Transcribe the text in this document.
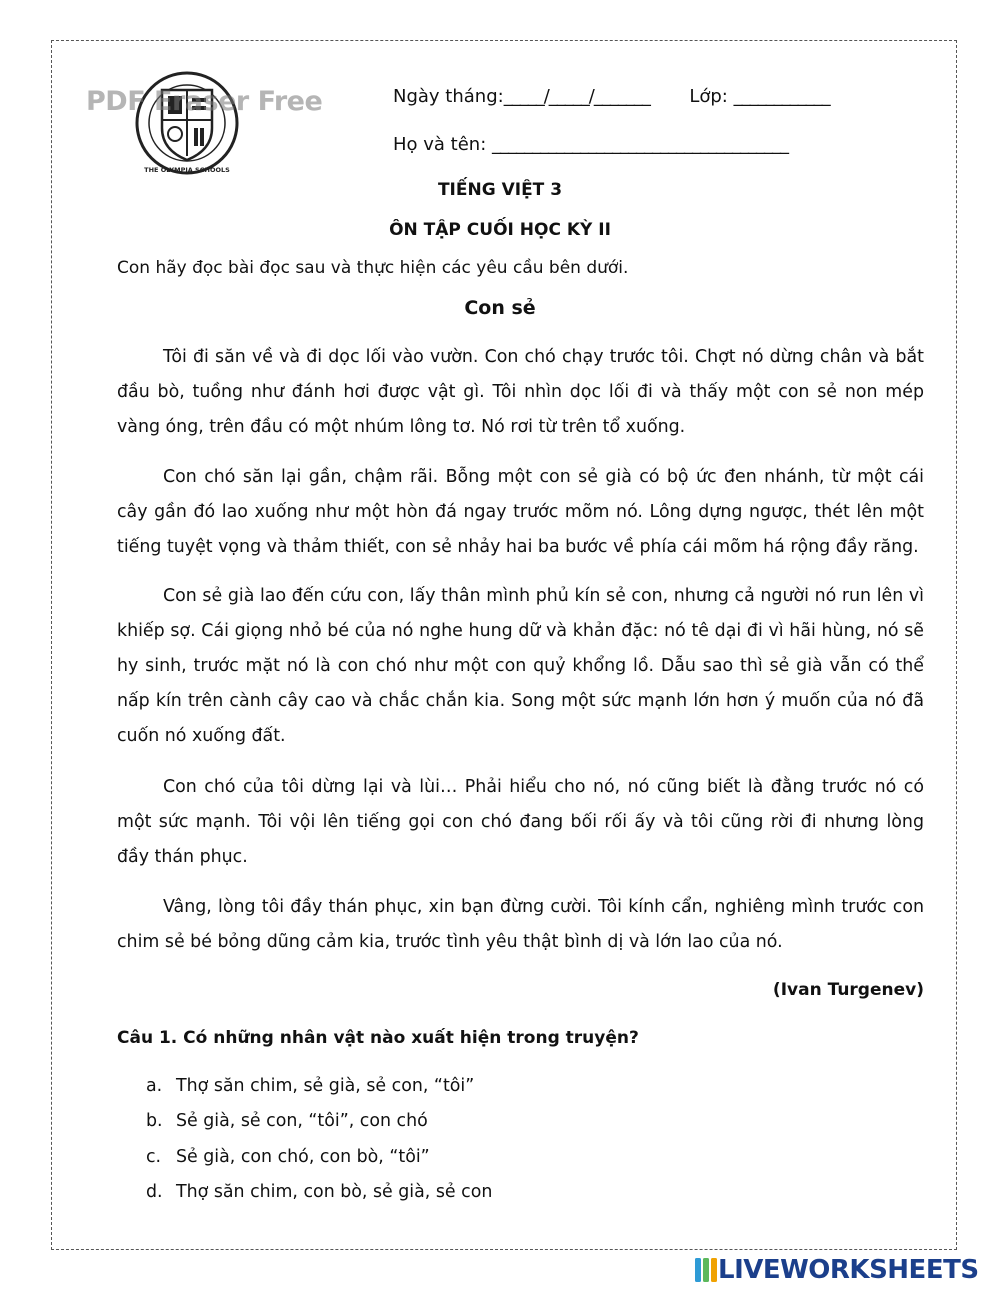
THE OLYMPIA SCHOOLS
PDF Eraser Free	Ngày tháng:_____/_____/_______ Lớp: ____________
Họ và tên: _____________________________________
TIẾNG VIỆT 3
ÔN TẬP CUỐI HỌC KỲ II
Con hãy đọc bài đọc sau và thực hiện các yêu cầu bên dưới.
Con sẻ

Tôi đi săn về và đi dọc lối vào vườn. Con chó chạy trước tôi. Chợt nó dừng chân và bắt đầu bò, tuồng như đánh hơi được vật gì. Tôi nhìn dọc lối đi và thấy một con sẻ non mép vàng óng, trên đầu có một nhúm lông tơ. Nó rơi từ trên tổ xuống.

Con chó săn lại gần, chậm rãi. Bỗng một con sẻ già có bộ ức đen nhánh, từ một cái cây gần đó lao xuống như một hòn đá ngay trước mõm nó. Lông dựng ngược, thét lên một tiếng tuyệt vọng và thảm thiết, con sẻ nhảy hai ba bước về phía cái mõm há rộng đầy răng.

Con sẻ già lao đến cứu con, lấy thân mình phủ kín sẻ con, nhưng cả người nó run lên vì khiếp sợ. Cái giọng nhỏ bé của nó nghe hung dữ và khản đặc: nó tê dại đi vì hãi hùng, nó sẽ hy sinh, trước mặt nó là con chó như một con quỷ khổng lồ. Dẫu sao thì sẻ già vẫn có thể nấp kín trên cành cây cao và chắc chắn kia. Song một sức mạnh lớn hơn ý muốn của nó đã cuốn nó xuống đất.

Con chó của tôi dừng lại và lùi… Phải hiểu cho nó, nó cũng biết là đằng trước nó có một sức mạnh. Tôi vội lên tiếng gọi con chó đang bối rối ấy và tôi cũng rời đi nhưng lòng đầy thán phục.

Vâng, lòng tôi đầy thán phục, xin bạn đừng cười. Tôi kính cẩn, nghiêng mình trước con chim sẻ bé bỏng dũng cảm kia, trước tình yêu thật bình dị và lớn lao của nó.

(Ivan Turgenev)
Câu 1. Có những nhân vật nào xuất hiện trong truyện?
a. Thợ săn chim, sẻ già, sẻ con, “tôi”
b. Sẻ già, sẻ con, “tôi”, con chó
c. Sẻ già, con chó, con bò, “tôi”
d. Thợ săn chim, con bò, sẻ già, sẻ con
LIVEWORKSHEETS
